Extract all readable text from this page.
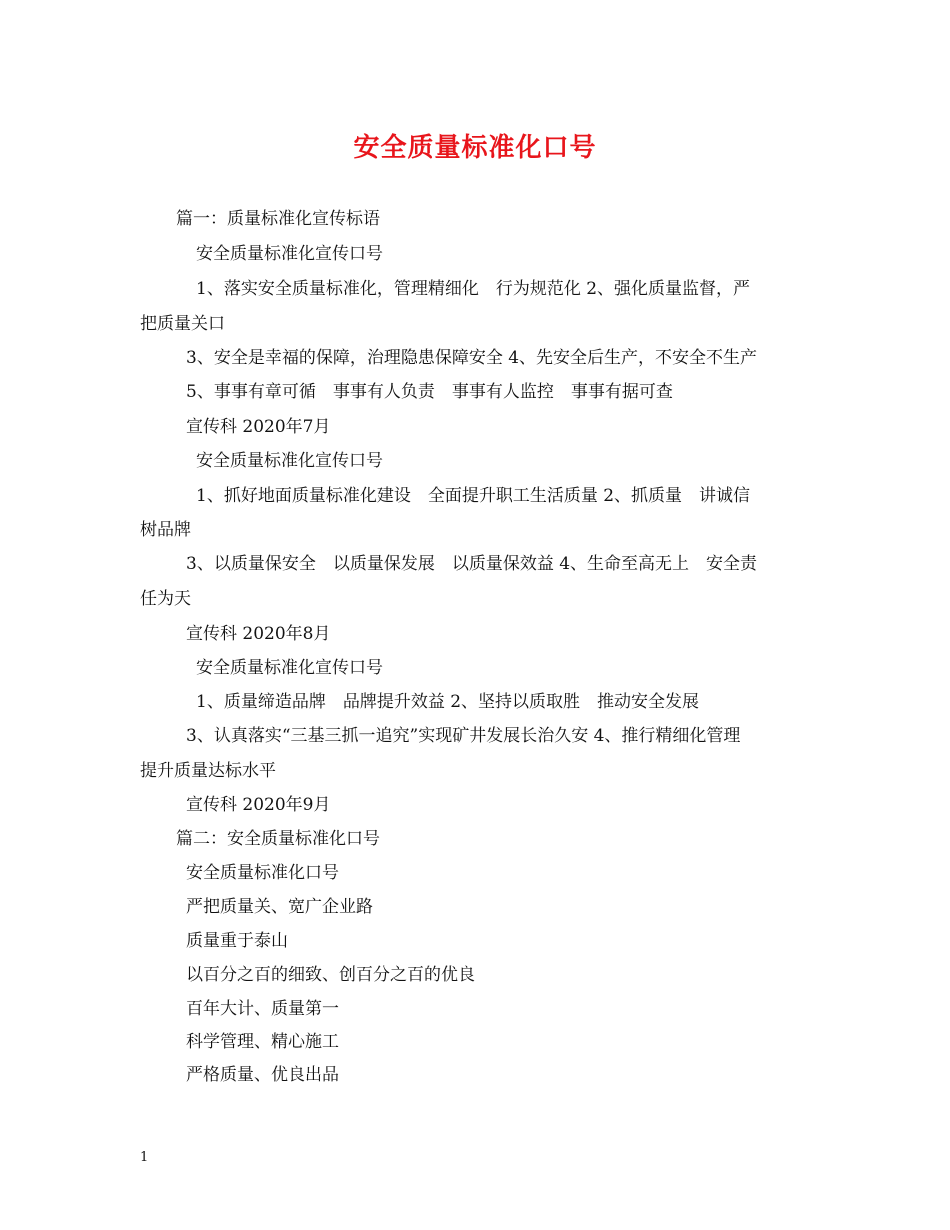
安全质量标准化口号
篇一：质量标准化宣传标语
安全质量标准化宣传口号
1、落实安全质量标准化，管理精细化　行为规范化 2、强化质量监督，严
把质量关口
3、安全是幸福的保障，治理隐患保障安全 4、先安全后生产，不安全不生产
5、事事有章可循　事事有人负责　事事有人监控　事事有据可查
宣传科 2020年7月
安全质量标准化宣传口号
1、抓好地面质量标准化建设　全面提升职工生活质量 2、抓质量　讲诚信
树品牌
3、以质量保安全　以质量保发展　以质量保效益 4、生命至高无上　安全责
任为天
宣传科 2020年8月
安全质量标准化宣传口号
1、质量缔造品牌　品牌提升效益 2、坚持以质取胜　推动安全发展
3、认真落实“三基三抓一追究”实现矿井发展长治久安 4、推行精细化管理
提升质量达标水平
宣传科 2020年9月
篇二：安全质量标准化口号
安全质量标准化口号
严把质量关、宽广企业路
质量重于泰山
以百分之百的细致、创百分之百的优良
百年大计、质量第一
科学管理、精心施工
严格质量、优良出品
1
